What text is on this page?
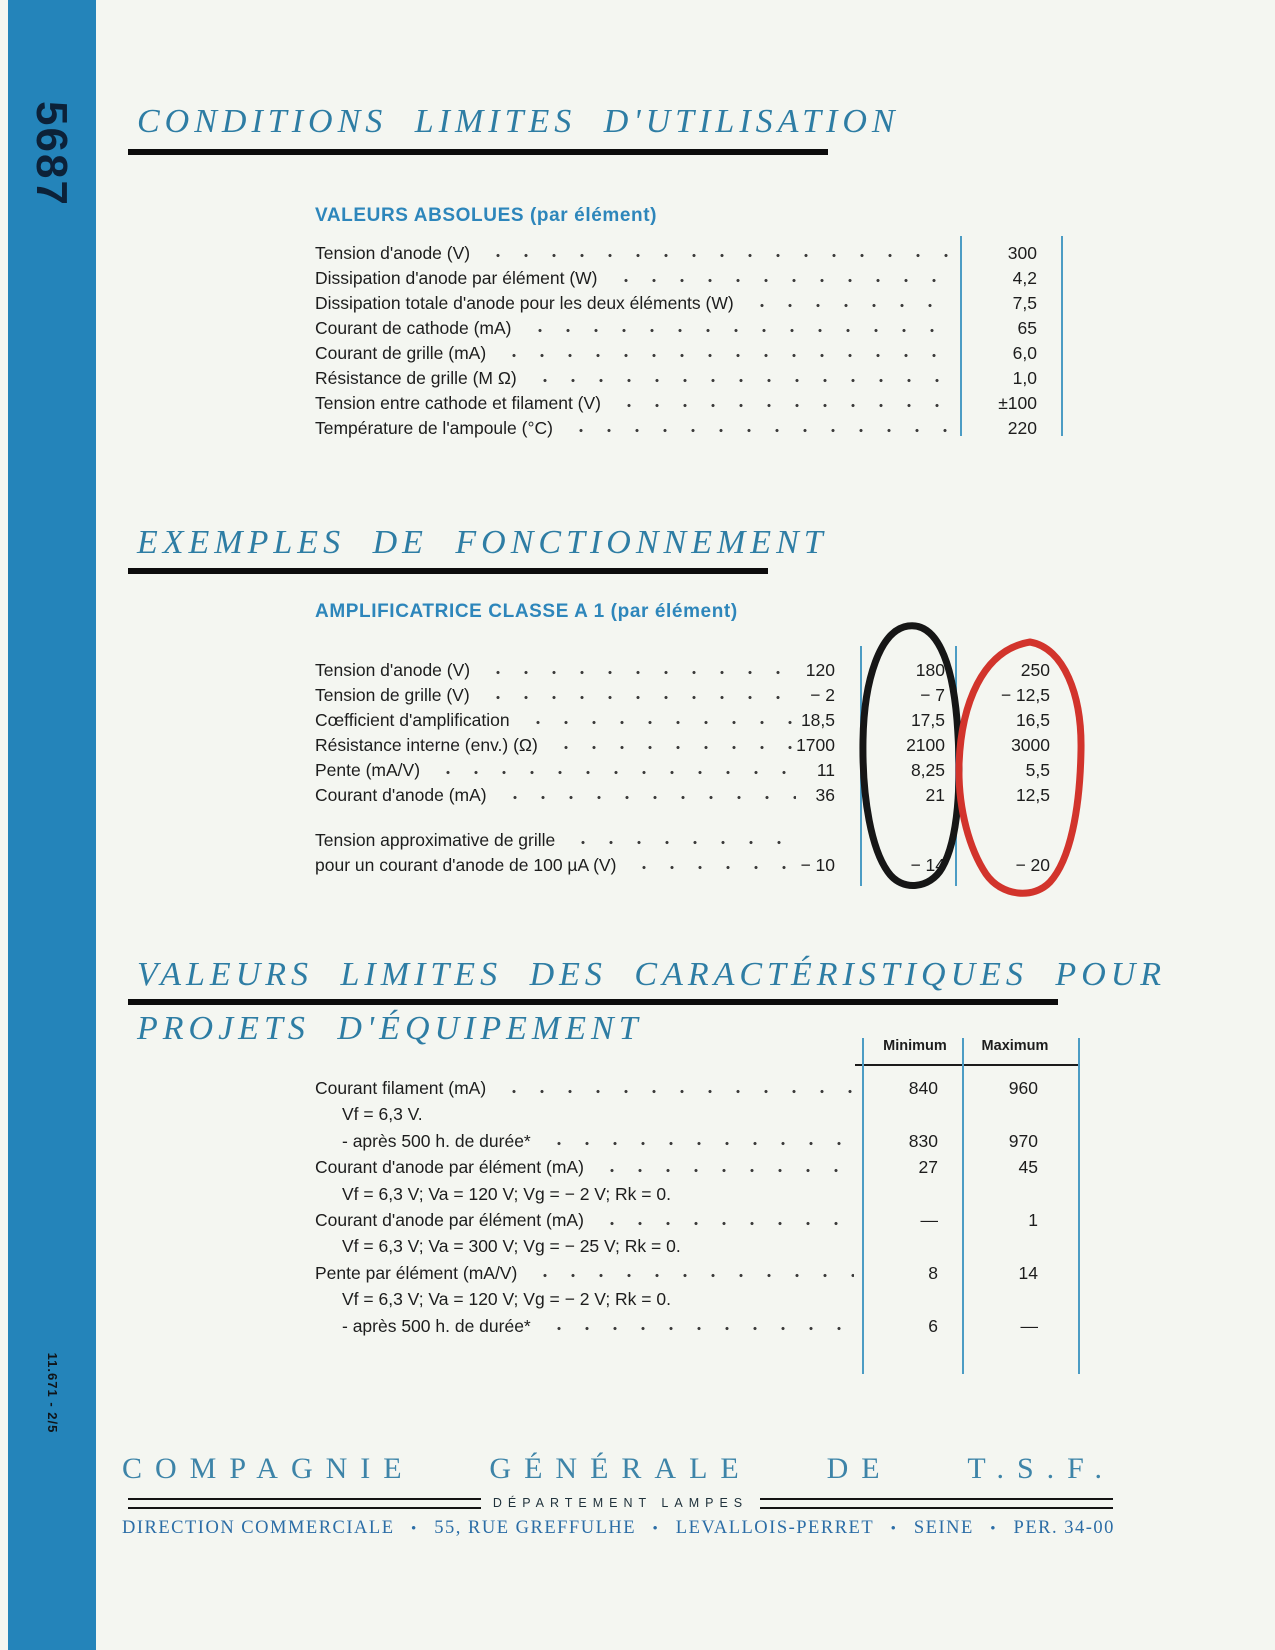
5687
11.671 - 2/5
CONDITIONS LIMITES D'UTILISATION
VALEURS ABSOLUES (par élément)
Tension d'anode (V)	300
Dissipation d'anode par élément (W)	4,2
Dissipation totale d'anode pour les deux éléments (W)	7,5
Courant de cathode (mA)	65
Courant de grille (mA)	6,0
Résistance de grille (M Ω)	1,0
Tension entre cathode et filament (V)	±100
Température de l'ampoule (°C)	220
EXEMPLES DE FONCTIONNEMENT
AMPLIFICATRICE CLASSE A 1 (par élément)
Tension d'anode (V)	120	180	250
Tension de grille (V)	− 2	− 7	− 12,5
Cœfficient d'amplification	18,5	17,5	16,5
Résistance interne (env.) (Ω)	1700	2100	3000
Pente (mA/V)	11	8,25	5,5
Courant d'anode (mA)	36	21	12,5
Tension approximative de grille
pour un courant d'anode de 100 µA (V)	− 10	− 14	− 20
VALEURS LIMITES DES CARACTÉRISTIQUES POUR
PROJETS D'ÉQUIPEMENT	Minimum	Maximum
Courant filament (mA)	840	960
Vf = 6,3 V.
- après 500 h. de durée*	830	970
Courant d'anode par élément (mA)	27	45
Vf = 6,3 V; Va = 120 V; Vg = − 2 V; Rk = 0.
Courant d'anode par élément (mA)	—	1
Vf = 6,3 V; Va = 300 V; Vg = − 25 V; Rk = 0.
Pente par élément (mA/V)	8	14
Vf = 6,3 V; Va = 120 V; Vg = − 2 V; Rk = 0.
- après 500 h. de durée*	6	—
COMPAGNIE GÉNÉRALE DE T.S.F.
DÉPARTEMENT LAMPES
DIRECTION COMMERCIALE • 55, RUE GREFFULHE • LEVALLOIS-PERRET • SEINE • PER. 34-00
